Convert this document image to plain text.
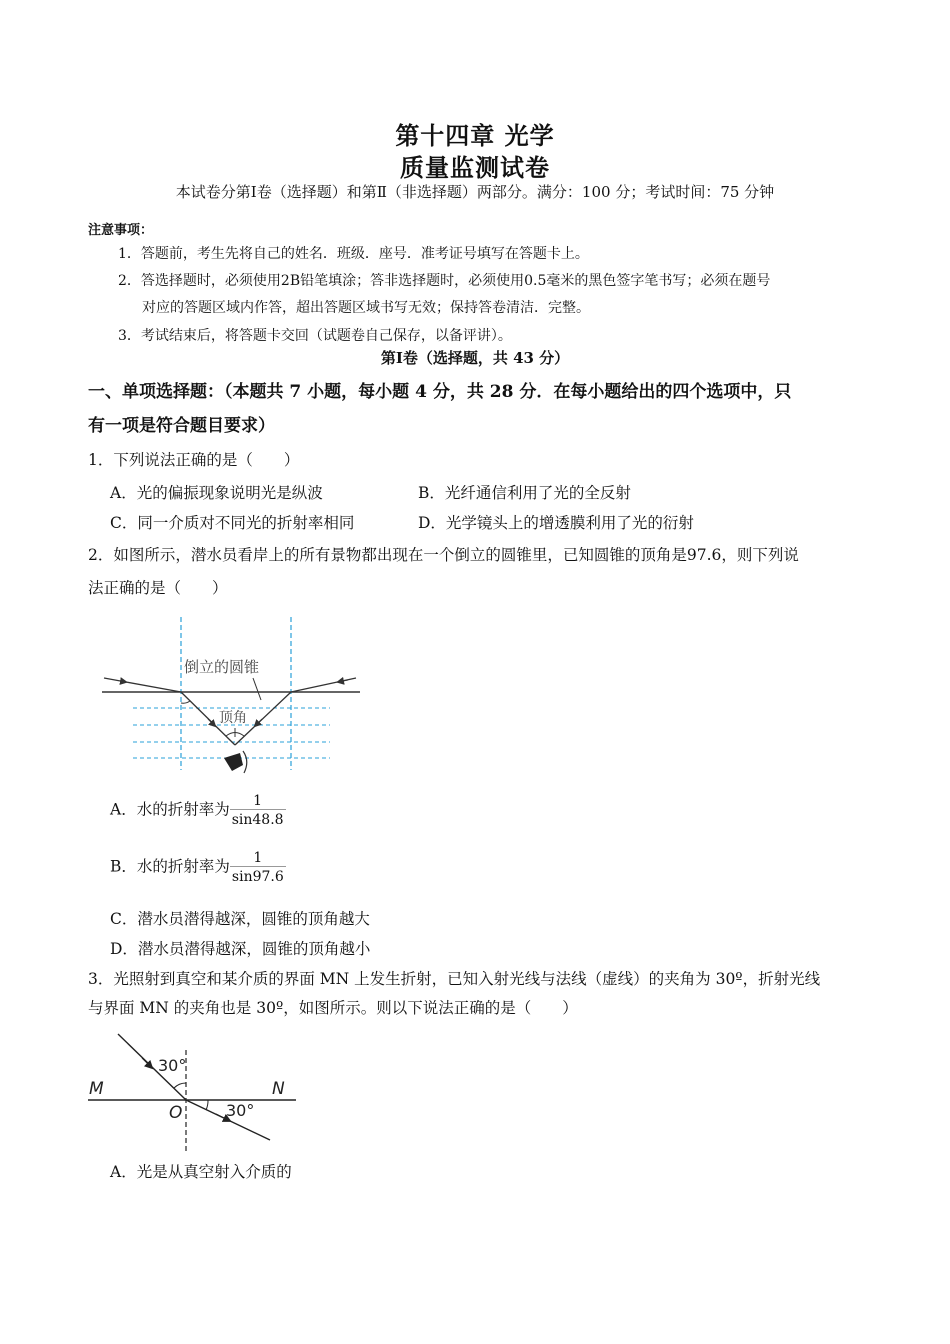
第十四章 光学
质量监测试卷
本试卷分第Ⅰ卷（选择题）和第Ⅱ（非选择题）两部分。满分：100 分；考试时间：75 分钟
注意事项：
1．答题前，考生先将自己的姓名．班级．座号．准考证号填写在答题卡上。
2．答选择题时，必须使用2B铅笔填涂；答非选择题时，必须使用0.5毫米的黑色签字笔书写；必须在题号
对应的答题区域内作答，超出答题区域书写无效；保持答卷清洁．完整。
3．考试结束后，将答题卡交回（试题卷自己保存，以备评讲）。
第Ⅰ卷（选择题，共 43 分）
一、单项选择题：（本题共 7 小题，每小题 4 分，共 28 分．在每小题给出的四个选项中，只
有一项是符合题目要求）
1．下列说法正确的是（　　）
A．光的偏振现象说明光是纵波	B．光纤通信利用了光的全反射
C．同一介质对不同光的折射率相同	D．光学镜头上的增透膜利用了光的衍射
2．如图所示，潜水员看岸上的所有景物都出现在一个倒立的圆锥里，已知圆锥的顶角是97.6，则下列说
法正确的是（　　）
倒立的圆锥
顶角
A．水的折射率为 $\frac{1}{\sin 48.8}$
B．水的折射率为 $\frac{1}{\sin 97.6}$
C．潜水员潜得越深，圆锥的顶角越大
D．潜水员潜得越深，圆锥的顶角越小
3．光照射到真空和某介质的界面 MN 上发生折射，已知入射光线与法线（虚线）的夹角为 30º，折射光线
与界面 MN 的夹角也是 30º，如图所示。则以下说法正确的是（　　）
30°
30°
M	N
O
A．光是从真空射入介质的
